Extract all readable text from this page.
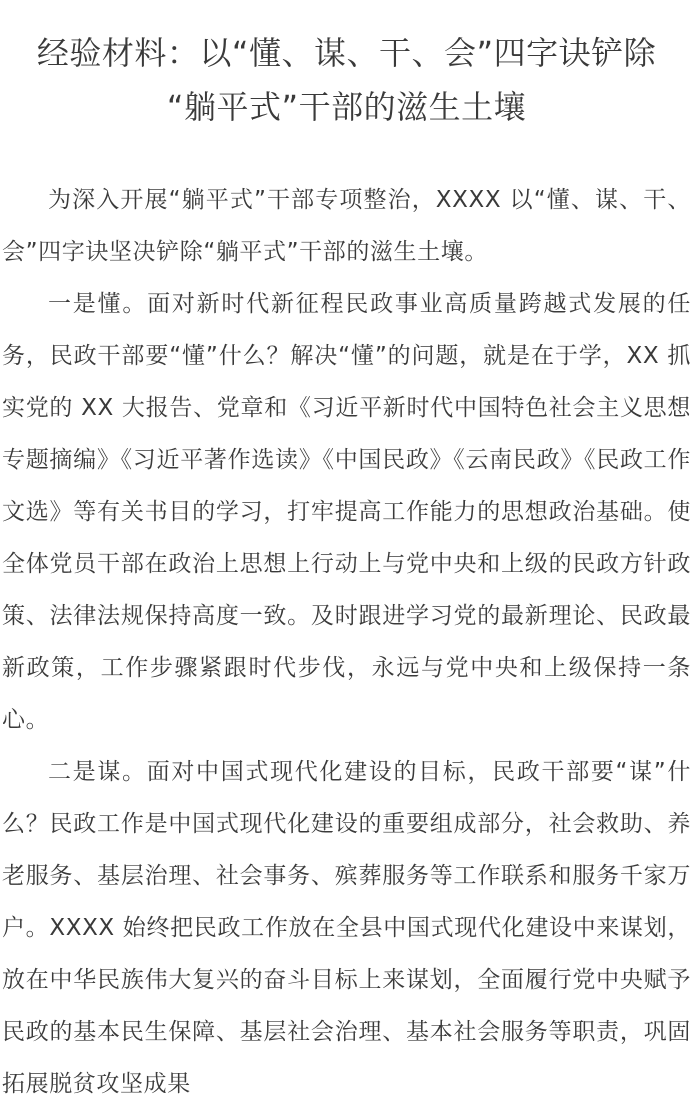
经验材料：以“懂、谋、干、会”四字诀铲除
“躺平式”干部的滋生土壤

为深入开展“躺平式”干部专项整治，XXXX 以“懂、谋、干、会”四字诀坚决铲除“躺平式”干部的滋生土壤。

一是懂。面对新时代新征程民政事业高质量跨越式发展的任务，民政干部要“懂”什么？解决“懂”的问题，就是在于学，XX 抓实党的 XX 大报告、党章和《习近平新时代中国特色社会主义思想专题摘编》《习近平著作选读》《中国民政》《云南民政》《民政工作文选》等有关书目的学习，打牢提高工作能力的思想政治基础。使全体党员干部在政治上思想上行动上与党中央和上级的民政方针政策、法律法规保持高度一致。及时跟进学习党的最新理论、民政最新政策，工作步骤紧跟时代步伐，永远与党中央和上级保持一条心。

二是谋。面对中国式现代化建设的目标，民政干部要“谋”什么？民政工作是中国式现代化建设的重要组成部分，社会救助、养老服务、基层治理、社会事务、殡葬服务等工作联系和服务千家万户。XXXX 始终把民政工作放在全县中国式现代化建设中来谋划，放在中华民族伟大复兴的奋斗目标上来谋划，全面履行党中央赋予民政的基本民生保障、基层社会治理、基本社会服务等职责，巩固拓展脱贫攻坚成果
